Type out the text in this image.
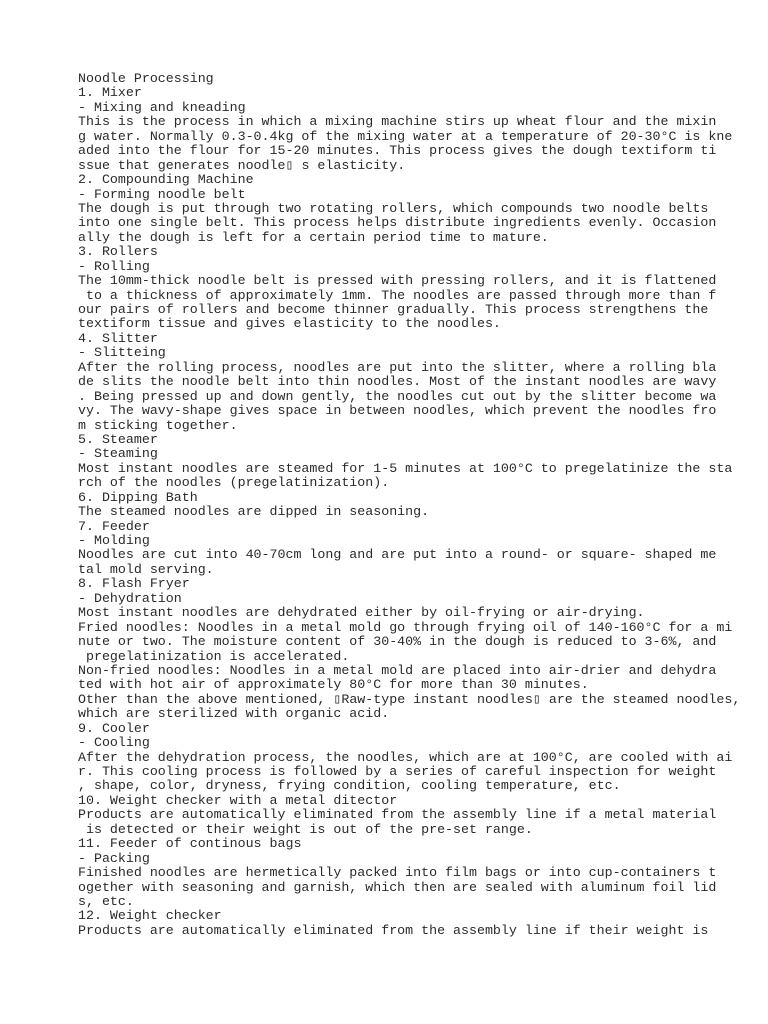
Noodle Processing
1. Mixer
- Mixing and kneading
This is the process in which a mixing machine stirs up wheat flour and the mixin
g water. Normally 0.3-0.4kg of the mixing water at a temperature of 20-30°C is kne
aded into the flour for 15-20 minutes. This process gives the dough textiform ti
ssue that generates noodle▯ s elasticity.
2. Compounding Machine
- Forming noodle belt
The dough is put through two rotating rollers, which compounds two noodle belts
into one single belt. This process helps distribute ingredients evenly. Occasion
ally the dough is left for a certain period time to mature.
3. Rollers
- Rolling
The 10mm-thick noodle belt is pressed with pressing rollers, and it is flattened
to a thickness of approximately 1mm. The noodles are passed through more than f
our pairs of rollers and become thinner gradually. This process strengthens the
textiform tissue and gives elasticity to the noodles.
4. Slitter
- Slitteing
After the rolling process, noodles are put into the slitter, where a rolling bla
de slits the noodle belt into thin noodles. Most of the instant noodles are wavy
. Being pressed up and down gently, the noodles cut out by the slitter become wa
vy. The wavy-shape gives space in between noodles, which prevent the noodles fro
m sticking together.
5. Steamer
- Steaming
Most instant noodles are steamed for 1-5 minutes at 100°C to pregelatinize the sta
rch of the noodles (pregelatinization).
6. Dipping Bath
The steamed noodles are dipped in seasoning.
7. Feeder
- Molding
Noodles are cut into 40-70cm long and are put into a round- or square- shaped me
tal mold serving.
8. Flash Fryer
- Dehydration
Most instant noodles are dehydrated either by oil-frying or air-drying.
Fried noodles: Noodles in a metal mold go through frying oil of 140-160°C for a mi
nute or two. The moisture content of 30-40% in the dough is reduced to 3-6%, and
pregelatinization is accelerated.
Non-fried noodles: Noodles in a metal mold are placed into air-drier and dehydra
ted with hot air of approximately 80°C for more than 30 minutes.
Other than the above mentioned, ▯Raw-type instant noodles▯ are the steamed noodles,
which are sterilized with organic acid.
9. Cooler
- Cooling
After the dehydration process, the noodles, which are at 100°C, are cooled with ai
r. This cooling process is followed by a series of careful inspection for weight
, shape, color, dryness, frying condition, cooling temperature, etc.
10. Weight checker with a metal ditector
Products are automatically eliminated from the assembly line if a metal material
is detected or their weight is out of the pre-set range.
11. Feeder of continous bags
- Packing
Finished noodles are hermetically packed into film bags or into cup-containers t
ogether with seasoning and garnish, which then are sealed with aluminum foil lid
s, etc.
12. Weight checker
Products are automatically eliminated from the assembly line if their weight is
